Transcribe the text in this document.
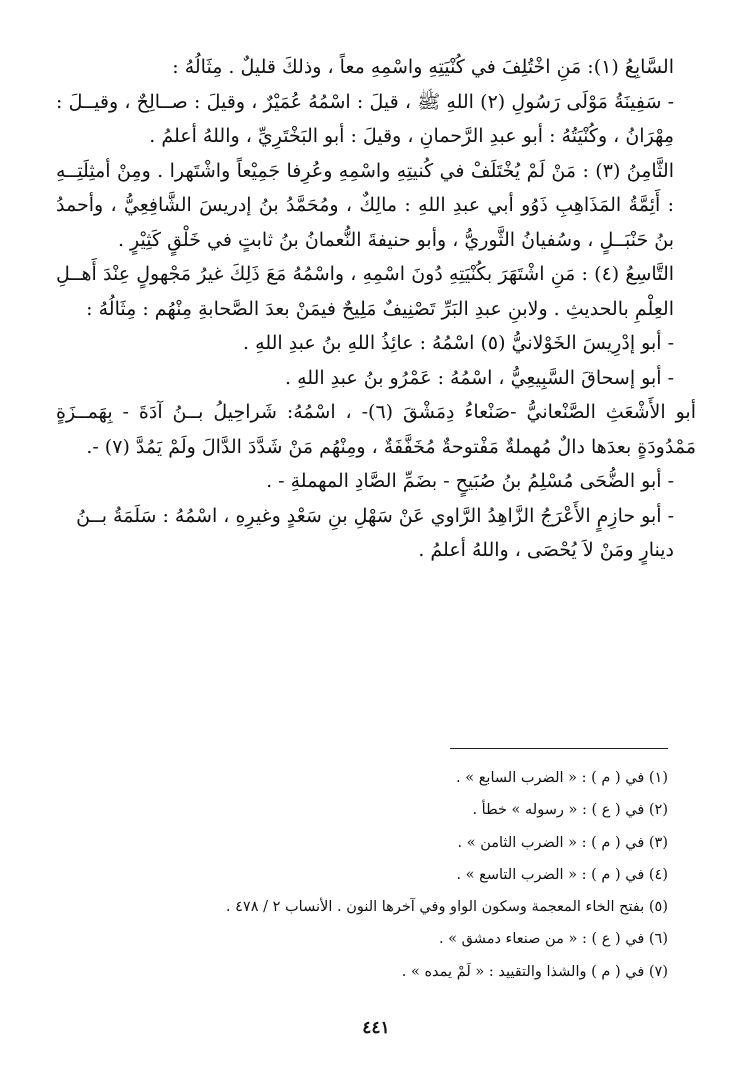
السَّابِعُ (١): مَنِ اخْتُلِفَ في كُنْيَتِهِ واسْمِهِ معاً ، وذلكَ قليلٌ . مِثَالُهُ :

- سَفِينَةُ مَوْلَى رَسُولِ (٢) اللهِ ﷺ ، قيلَ : اسْمُهُ عُمَيْرٌ ، وقيلَ : صــالِحٌ ، وقيــلَ : مِهْرَانُ ، وكُنْيَتُهُ : أبو عبدِ الرَّحمانِ ، وقيلَ : أبو البَخْتَرِيِّ ، واللهُ أعلمُ .

الثَّامِنُ (٣) : مَنْ لَمْ يُخْتَلَفْ في كُنيتِهِ واسْمِهِ وعُرِفا جَمِيْعاً واشْتَهرا . ومِنْ أمثِلَتِــهِ : أَئِمَّةُ المَذَاهِبِ ذَوُو أبي عبدِ اللهِ : مالِكٌ ، ومُحَمَّدُ بنُ إدريسَ الشَّافِعِيُّ ، وأحمدُ بنُ حَنْبَــلٍ ، وسُفيانُ الثَّوريُّ ، وأبو حنيفةَ النُّعمانُ بنُ ثابتٍ في خَلْقٍ كَثِيْرٍ .

التَّاسِعُ (٤) : مَنِ اشْتَهَرَ بكُنْيَتِهِ دُونَ اسْمِهِ ، واسْمُهُ مَعَ ذَلِكَ غيرُ مَجْهولٍ عِنْدَ أَهــلِ العِلْمِ بالحديثِ . ولابنِ عبدِ البَرِّ تَصْنِيفٌ مَلِيحٌ فيمَنْ بعدَ الصَّحابةِ مِنْهُم : مِثَالُهُ :

- أبو إدْرِيسَ الخَوْلانيُّ (٥) اسْمُهُ : عائِذُ اللهِ بنُ عبدِ اللهِ .

- أبو إسحاقَ السَّبِيعِيُّ ، اسْمُهُ : عَمْرُو بنُ عبدِ اللهِ .

أبو الأَشْعَثِ الصَّنْعانيُّ -صَنْعاءُ دِمَشْقَ (٦)- ، اسْمُهُ: شَراحِيلُ بــنُ آدَةَ - بِهَمــزَةٍ مَمْدُودَةٍ بعدَها دالٌ مُهملةٌ مَفْتوحةٌ مُخَفَّفَةٌ ، ومِنْهُم مَنْ شَدَّدَ الدَّالَ ولَمْ يَمُدَّ (٧) -.

- أبو الضُّحَى مُسْلِمُ بنُ صُبَيحٍ - بضَمِّ الصَّادِ المهملةِ - .

- أبو حازِمٍ الأَعْرَجُ الزَّاهِدُ الرَّاوي عَنْ سَهْلِ بنِ سَعْدٍ وغيرِهِ ، اسْمُهُ : سَلَمَةُ بــنُ دينارٍ ومَنْ لاَ يُحْصَى ، واللهُ أعلمُ .

(١) في ( م ) : « الضرب السابع » .

(٢) في ( ع ) : « رسوله » خطأ .

(٣) في ( م ) : « الضرب الثامن » .

(٤) في ( م ) : « الضرب التاسع » .

(٥) بفتح الخاء المعجمة وسكون الواو وفي آخرها النون . الأنساب ٢ / ٤٧٨ .

(٦) في ( ع ) : « من صنعاء دمشق » .

(٧) في ( م ) والشذا والتقييد : « لَمْ يمده » .

٤٤١
